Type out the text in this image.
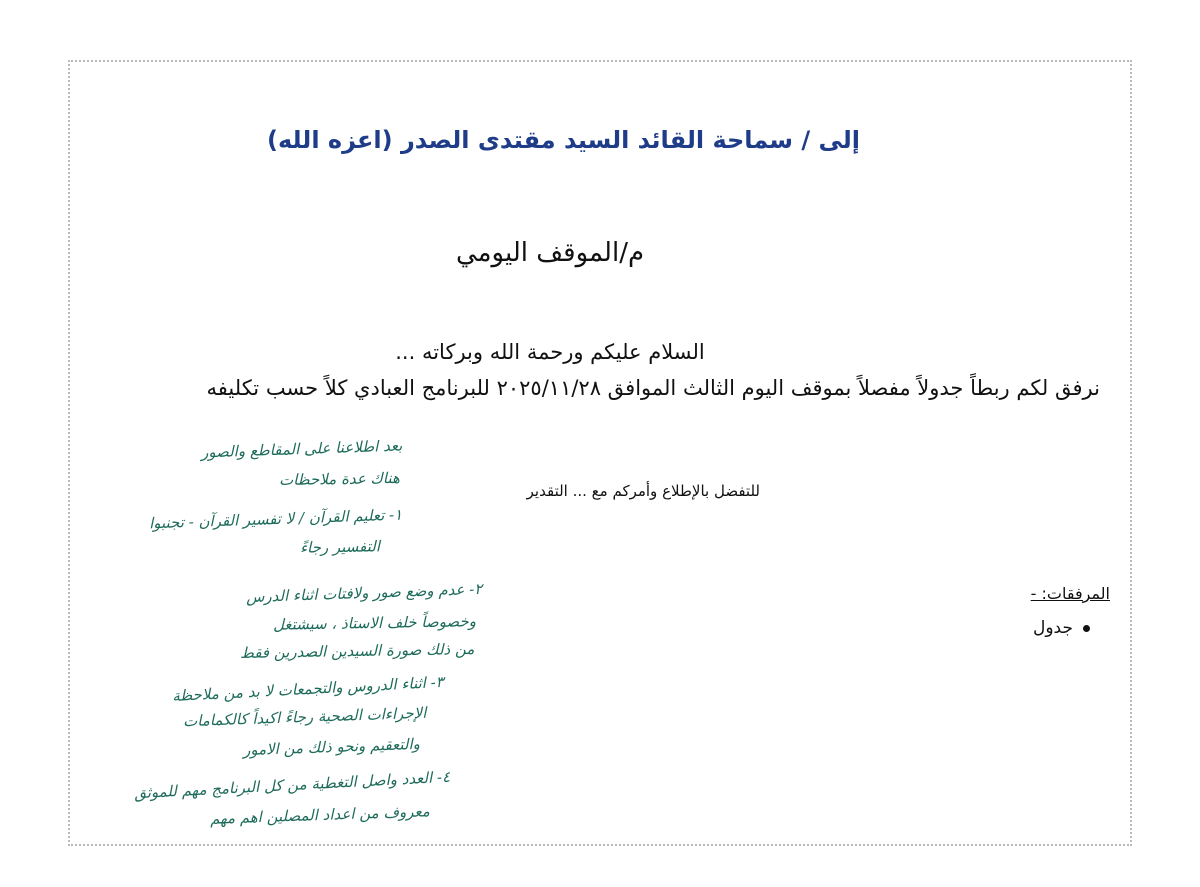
إلى / سماحة القائد السيد مقتدى الصدر (اعزه الله)
م/الموقف اليومي
السلام عليكم ورحمة الله وبركاته ...
نرفق لكم ربطاً جدولاً مفصلاً بموقف اليوم الثالث الموافق ٢٠٢٥/١١/٢٨ للبرنامج العبادي كلاً حسب تكليفه
للتفضل بالإطلاع وأمركم مع ... التقدير
المرفقات: -
جدول
بعد اطلاعنا على المقاطع والصور
هناك عدة ملاحظات
١- تعليم القرآن / لا تفسير القرآن - تجنبوا
التفسير رجاءً
٢- عدم وضع صور ولافتات اثناء الدرس
وخصوصاً خلف الاستاذ ، سيشتغل
من ذلك صورة السيدين الصدرين فقط
٣- اثناء الدروس والتجمعات لا بد من ملاحظة
الإجراءات الصحية رجاءً اكيداً كالكمامات
والتعقيم ونحو ذلك من الامور
٤- العدد واصل التغطية من كل البرنامج مهم للموثق
معروف من اعداد المصلين اهم مهم
